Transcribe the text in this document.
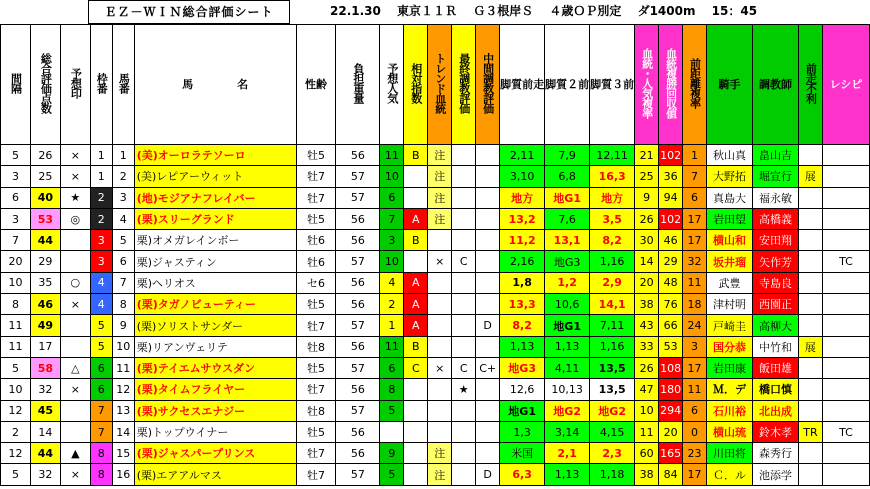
ＥＺ－ＷＩＮ総合評価シート	22.1.30　 東京１１Ｒ　 Ｇ３根岸Ｓ　 ４歳ＯＰ別定　 ダ1400m　 15：45
間隔	総合評価点数	予想印	枠番	馬番	馬　　　　名	性齢	負担重量	予想人気	相対指数	トレンド血統	最終調教評価	中間調教評価	脚質前走	脚質２前	脚質３前	血統・人気複率	血統複勝回収値	前距離複率	騎手	調教師	前走不利	レシピ
5	26	×	1	1	(美)オーロラテソーロ	牡5	56	11	B	注			2,11	7,9	12,11	21	102	1	秋山真	畠山吉		
3	25	×	1	2	(美)レピアーウィット	牡7	57	10		注			3,10	6,8	16,3	25	36	7	大野拓	堀宣行	展	
6	40	★	2	3	(地)モジアナフレイバー	牡7	57	6		注			地方	地G1	地方	9	94	6	真島大	福永敏		
3	53	◎	2	4	(栗)スリーグランド	牡5	56	7	A	注			13,2	7,6	3,5	26	102	17	岩田望	高橋義		
7	44		3	5	栗)オメガレインボー	牡6	56	3	B				11,2	13,1	8,2	30	46	17	横山和	安田翔		
20	29		3	6	栗)ジャスティン	牡6	57	10		×	C		2,16	地G3	1,16	14	29	32	坂井瑠	矢作芳		TC
10	35	○	4	7	栗)ヘリオス	セ6	56	4	A				1,8	1,2	2,9	20	48	11	武豊	寺島良		
8	46	×	4	8	(栗)タガノビューティー	牡5	56	2	A				13,3	10,6	14,1	38	76	18	津村明	西園正		
11	49		5	9	(栗)ソリストサンダー	牡7	57	1	A			D	8,2	地G1	7,11	43	66	24	戸崎圭	高柳大		
11	17		5	10	栗)リアンヴェリテ	牡8	56	11	B				1,13	1,13	1,16	33	53	3	国分恭	中竹和	展	
5	58	△	6	11	(栗)テイエムサウスダン	牡5	57	6	C	×	C	C+	地G3	4,11	13,5	26	108	17	岩田康	飯田雄		
10	32	×	6	12	(栗)タイムフライヤー	牡7	56	8			★		12,6	10,13	13,5	47	180	11	Ｍ．デ	橋口慎		
12	45		7	13	(栗)サクセスエナジー	牡8	57	5					地G1	地G2	地G2	10	294	6	石川裕	北出成		
2	14		7	14	栗)トップウイナー	牡5	56						1,3	3,14	4,15	11	20	0	横山琉	鈴木孝	TR	TC
12	44	▲	8	15	(栗)ジャスパープリンス	牡7	56	9		注			米国	2,1	2,3	60	165	23	川田将	森秀行		
5	32	×	8	16	(栗)エアアルマス	牡7	57	5		注		D	6,3	1,13	1,18	38	84	17	Ｃ．ル	池添学		
